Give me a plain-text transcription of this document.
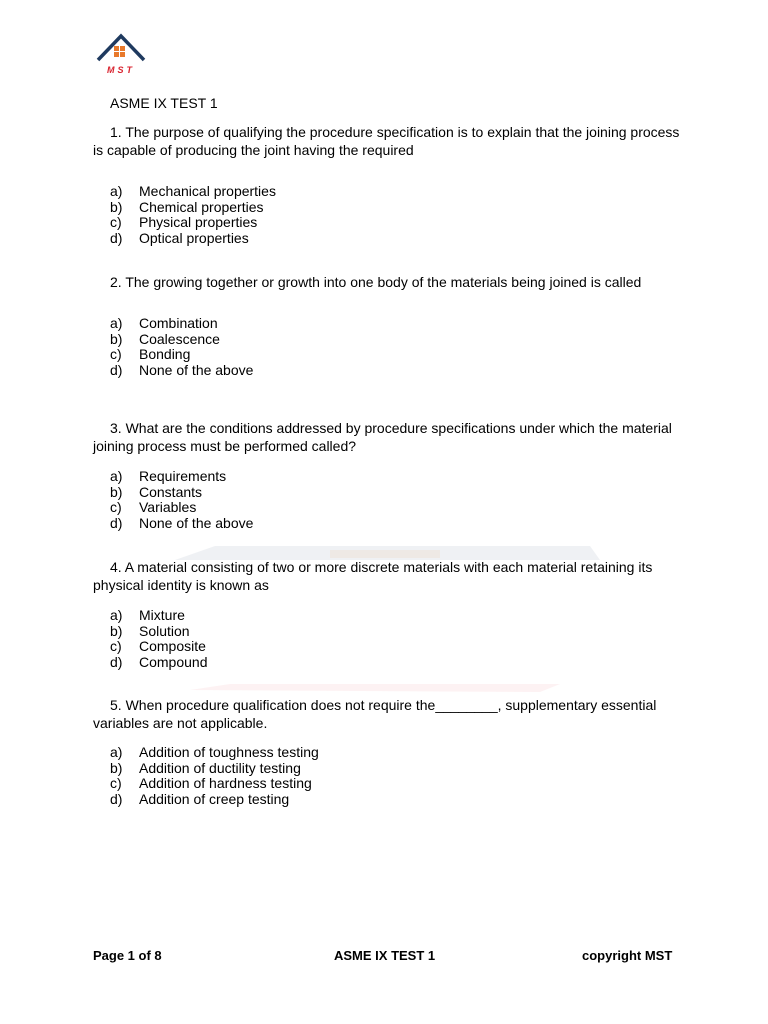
MST
ASME IX TEST 1

1. The purpose of qualifying the procedure specification is to explain that the joining process is capable of producing the joint having the required

a)	Mechanical properties
b)	Chemical properties
c)	Physical properties
d)	Optical properties

2. The growing together or growth into one body of the materials being joined is called

a)	Combination
b)	Coalescence
c)	Bonding
d)	None of the above

3. What are the conditions addressed by procedure specifications under which the material joining process must be performed called?

a)	Requirements
b)	Constants
c)	Variables
d)	None of the above

4. A material consisting of two or more discrete materials with each material retaining its physical identity is known as

a)	Mixture
b)	Solution
c)	Composite
d)	Compound

5. When procedure qualification does not require the________, supplementary essential variables are not applicable.

a)	Addition of toughness testing
b)	Addition of ductility testing
c)	Addition of hardness testing
d)	Addition of creep testing
Page 1 of 8	ASME IX TEST 1	copyright MST
